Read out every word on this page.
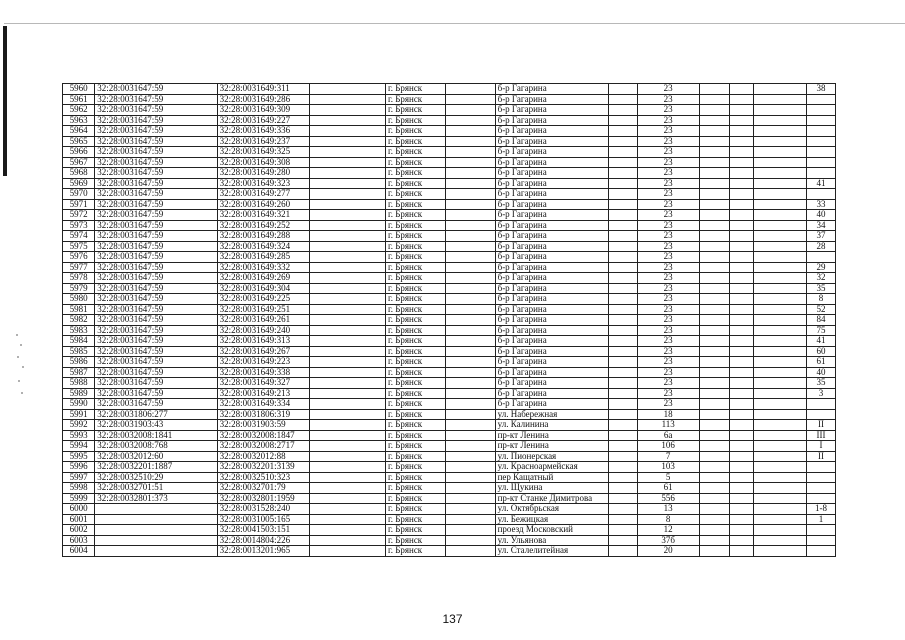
5960	32:28:0031647:59	32:28:0031649:311		г. Брянск		б-р Гагарина		23				38
5961	32:28:0031647:59	32:28:0031649:286		г. Брянск		б-р Гагарина		23				
5962	32:28:0031647:59	32:28:0031649:309		г. Брянск		б-р Гагарина		23				
5963	32:28:0031647:59	32:28:0031649:227		г. Брянск		б-р Гагарина		23				
5964	32:28:0031647:59	32:28:0031649:336		г. Брянск		б-р Гагарина		23				
5965	32:28:0031647:59	32:28:0031649:237		г. Брянск		б-р Гагарина		23				
5966	32:28:0031647:59	32:28:0031649:325		г. Брянск		б-р Гагарина		23				
5967	32:28:0031647:59	32:28:0031649:308		г. Брянск		б-р Гагарина		23				
5968	32:28:0031647:59	32:28:0031649:280		г. Брянск		б-р Гагарина		23				
5969	32:28:0031647:59	32:28:0031649:323		г. Брянск		б-р Гагарина		23				41
5970	32:28:0031647:59	32:28:0031649:277		г. Брянск		б-р Гагарина		23				
5971	32:28:0031647:59	32:28:0031649:260		г. Брянск		б-р Гагарина		23				33
5972	32:28:0031647:59	32:28:0031649:321		г. Брянск		б-р Гагарина		23				40
5973	32:28:0031647:59	32:28:0031649:252		г. Брянск		б-р Гагарина		23				34
5974	32:28:0031647:59	32:28:0031649:288		г. Брянск		б-р Гагарина		23				37
5975	32:28:0031647:59	32:28:0031649:324		г. Брянск		б-р Гагарина		23				28
5976	32:28:0031647:59	32:28:0031649:285		г. Брянск		б-р Гагарина		23				
5977	32:28:0031647:59	32:28:0031649:332		г. Брянск		б-р Гагарина		23				29
5978	32:28:0031647:59	32:28:0031649:269		г. Брянск		б-р Гагарина		23				32
5979	32:28:0031647:59	32:28:0031649:304		г. Брянск		б-р Гагарина		23				35
5980	32:28:0031647:59	32:28:0031649:225		г. Брянск		б-р Гагарина		23				8
5981	32:28:0031647:59	32:28:0031649:251		г. Брянск		б-р Гагарина		23				52
5982	32:28:0031647:59	32:28:0031649:261		г. Брянск		б-р Гагарина		23				84
5983	32:28:0031647:59	32:28:0031649:240		г. Брянск		б-р Гагарина		23				75
5984	32:28:0031647:59	32:28:0031649:313		г. Брянск		б-р Гагарина		23				41
5985	32:28:0031647:59	32:28:0031649:267		г. Брянск		б-р Гагарина		23				60
5986	32:28:0031647:59	32:28:0031649:223		г. Брянск		б-р Гагарина		23				61
5987	32:28:0031647:59	32:28:0031649:338		г. Брянск		б-р Гагарина		23				40
5988	32:28:0031647:59	32:28:0031649:327		г. Брянск		б-р Гагарина		23				35
5989	32:28:0031647:59	32:28:0031649:213		г. Брянск		б-р Гагарина		23				3
5990	32:28:0031647:59	32:28:0031649:334		г. Брянск		б-р Гагарина		23				
5991	32:28:0031806:277	32:28:0031806:319		г. Брянск		ул. Набережная		18				
5992	32:28:0031903:43	32:28:0031903:59		г. Брянск		ул. Калинина		113				II
5993	32:28:0032008:1841	32:28:0032008:1847		г. Брянск		пр-кт Ленина		6а				III
5994	32:28:0032008:768	32:28:0032008:2717		г. Брянск		пр-кт Ленина		106				I
5995	32:28:0032012:60	32:28:0032012:88		г. Брянск		ул. Пионерская		7				II
5996	32:28:0032201:1887	32:28:0032201:3139		г. Брянск		ул. Красноармейская		103				
5997	32:28:0032510:29	32:28:0032510:323		г. Брянск		пер Кащатный		5				
5998	32:28:0032701:51	32:28:0032701:79		г. Брянск		ул. Щукина		61				
5999	32:28:0032801:373	32:28:0032801:1959		г. Брянск		пр-кт Станке Димитрова		556				
6000		32:28:0031528:240		г. Брянск		ул. Октябрьская		13				1-8
6001		32:28:0031005:165		г. Брянск		ул. Бежицкая		8				1
6002		32:28:0041503:151		г. Брянск		проезд Московский		12				
6003		32:28:0014804:226		г. Брянск		ул. Ульянова		37б				
6004		32:28:0013201:965		г. Брянск		ул. Сталелитейная		20				
137
